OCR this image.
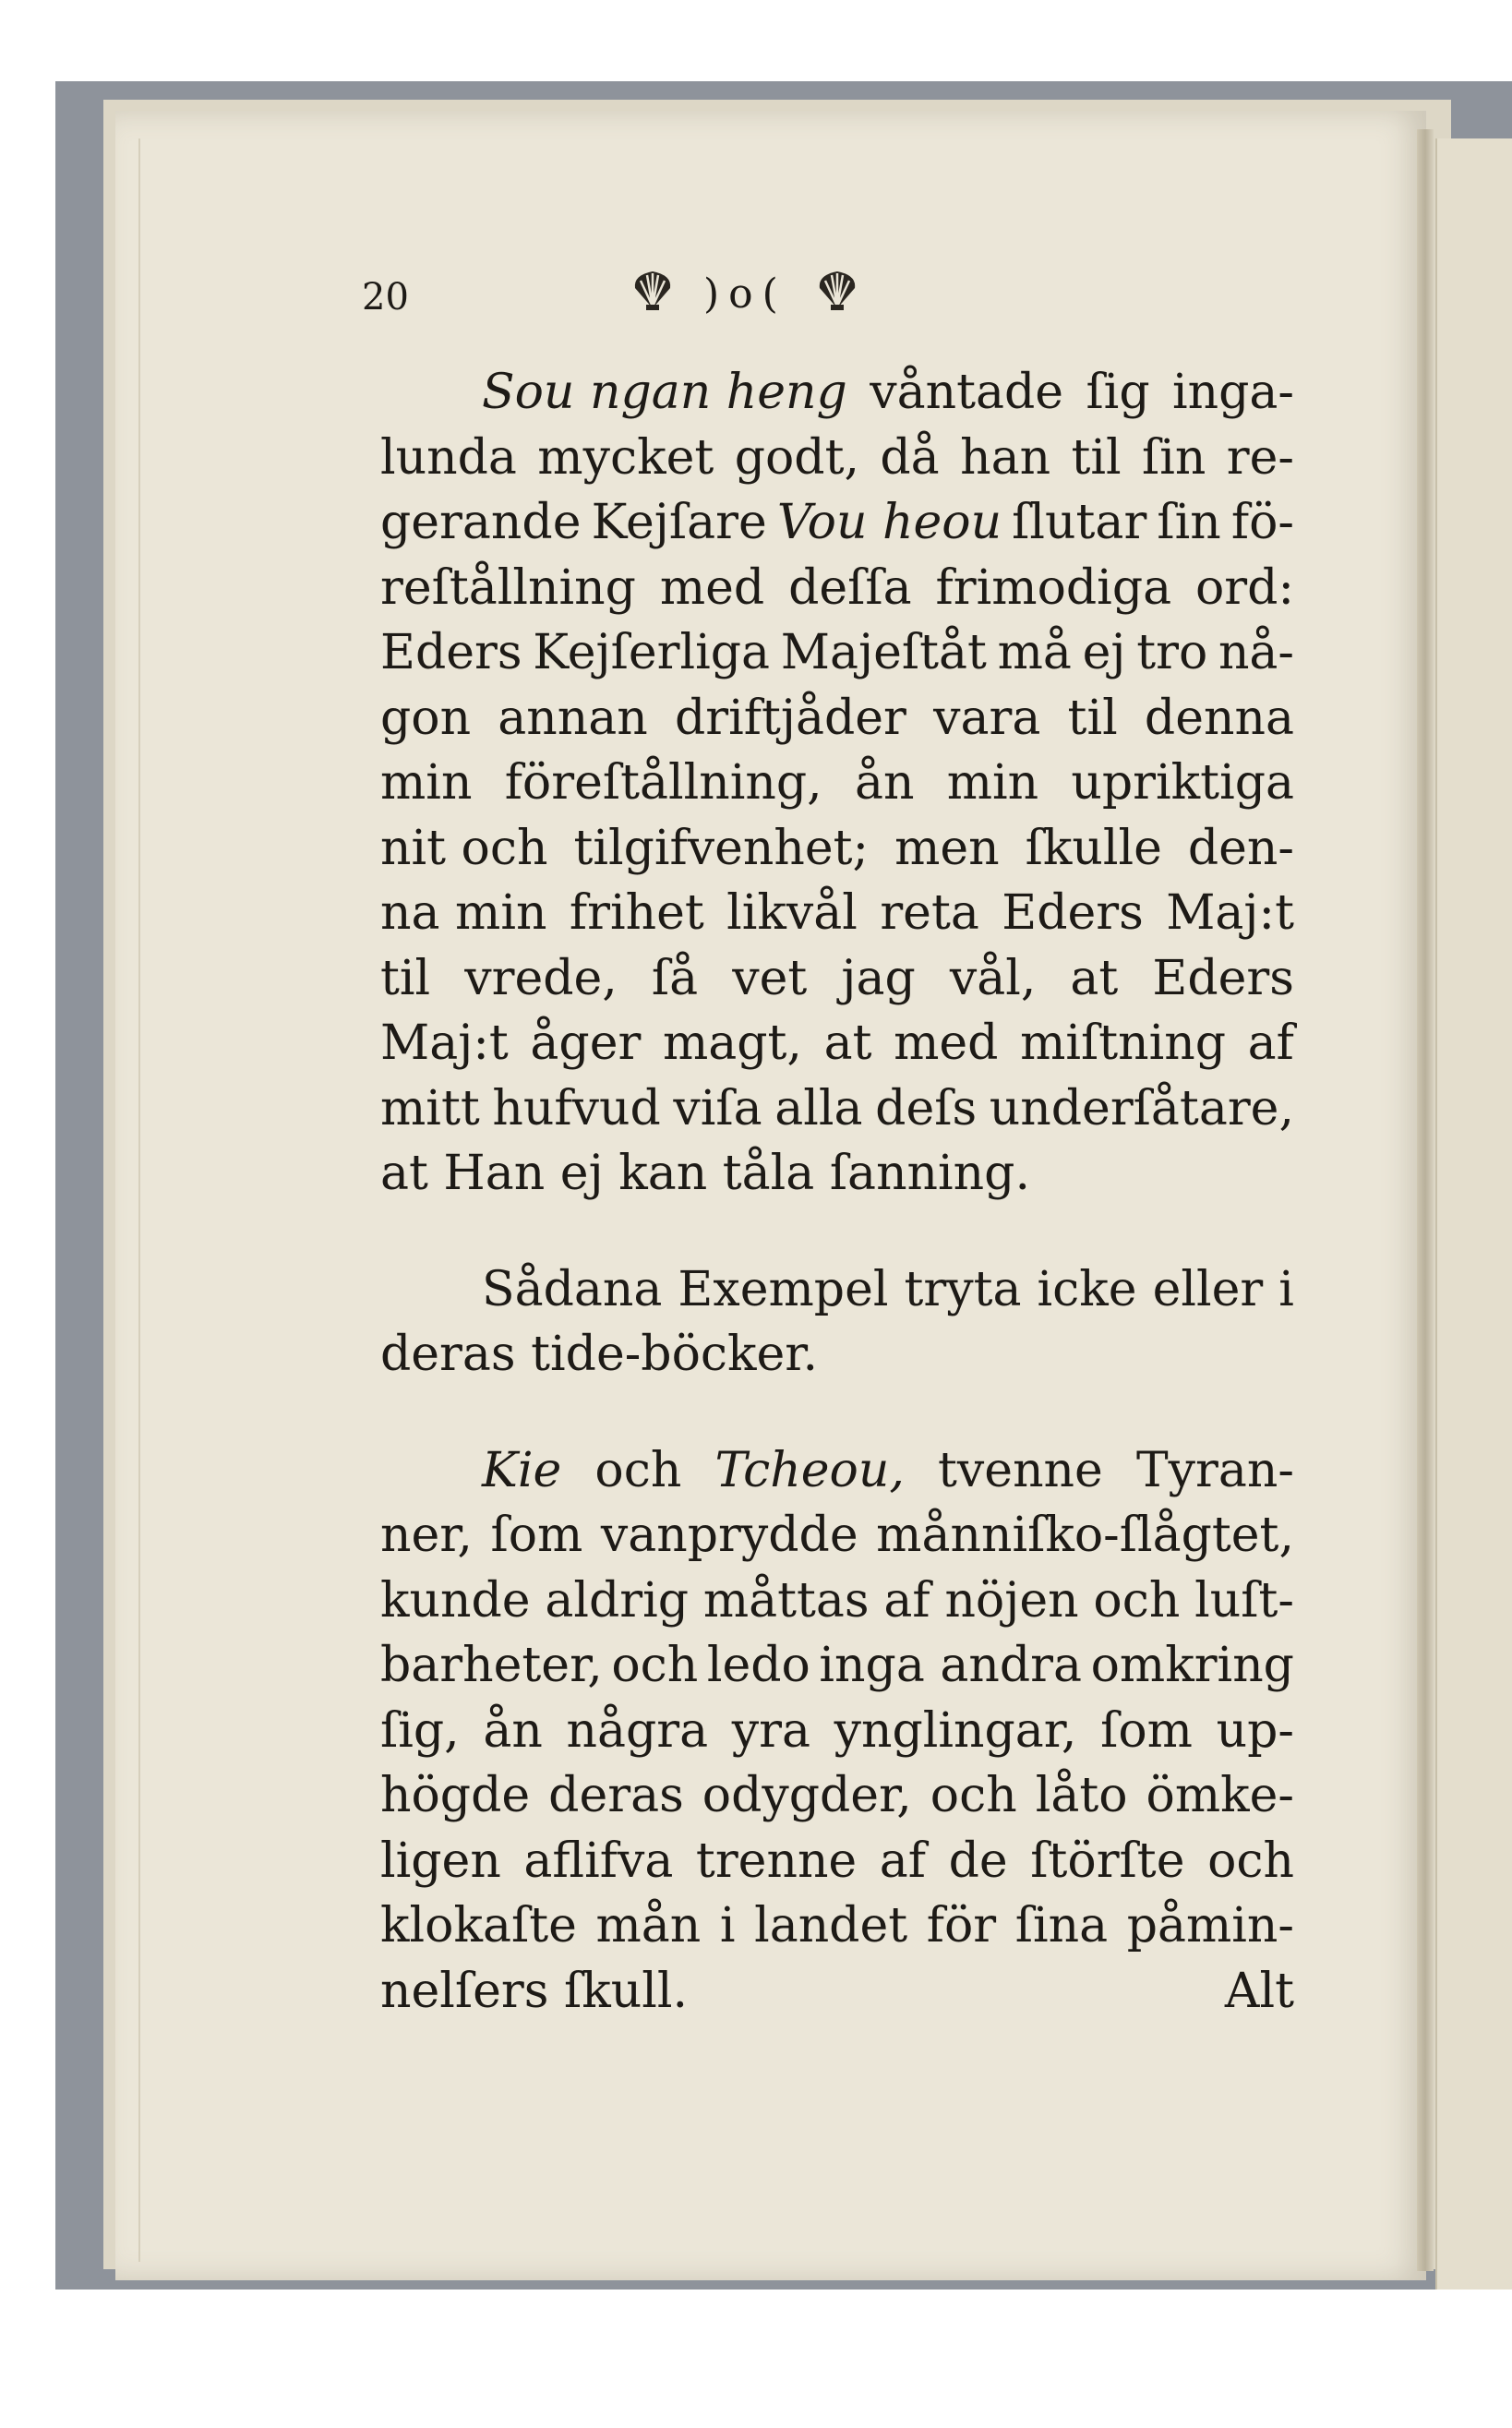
20	)o(
Sou ngan heng våntade ſig inga-
lunda mycket godt, då han til ſin re-
gerande Kejſare Vou heou ſlutar ſin fö-
reſtållning med deſſa frimodiga ord:
Eders Kejſerliga Majeſtåt må ej tro nå-
gon annan driftjåder vara til denna
min föreſtållning, ån min upriktiga
nit och tilgifvenhet; men ſkulle den-
na min frihet likvål reta Eders Maj:t
til vrede, ſå vet jag vål, at Eders
Maj:t åger magt, at med miſtning af
mitt hufvud viſa alla deſs underſåtare,
at Han ej kan tåla ſanning.
Sådana Exempel tryta icke eller i
deras tide-böcker.
Kie och Tcheou, tvenne Tyran-
ner, ſom vanprydde månniſko-ſlågtet,
kunde aldrig måttas af nöjen och luſt-
barheter, och ledo inga andra omkring
ſig, ån några yra ynglingar, ſom up-
högde deras odygder, och låto ömke-
ligen aflifva trenne af de ſtörſte och
klokaſte mån i landet för ſina påmin-
nelſers ſkull.	Alt
